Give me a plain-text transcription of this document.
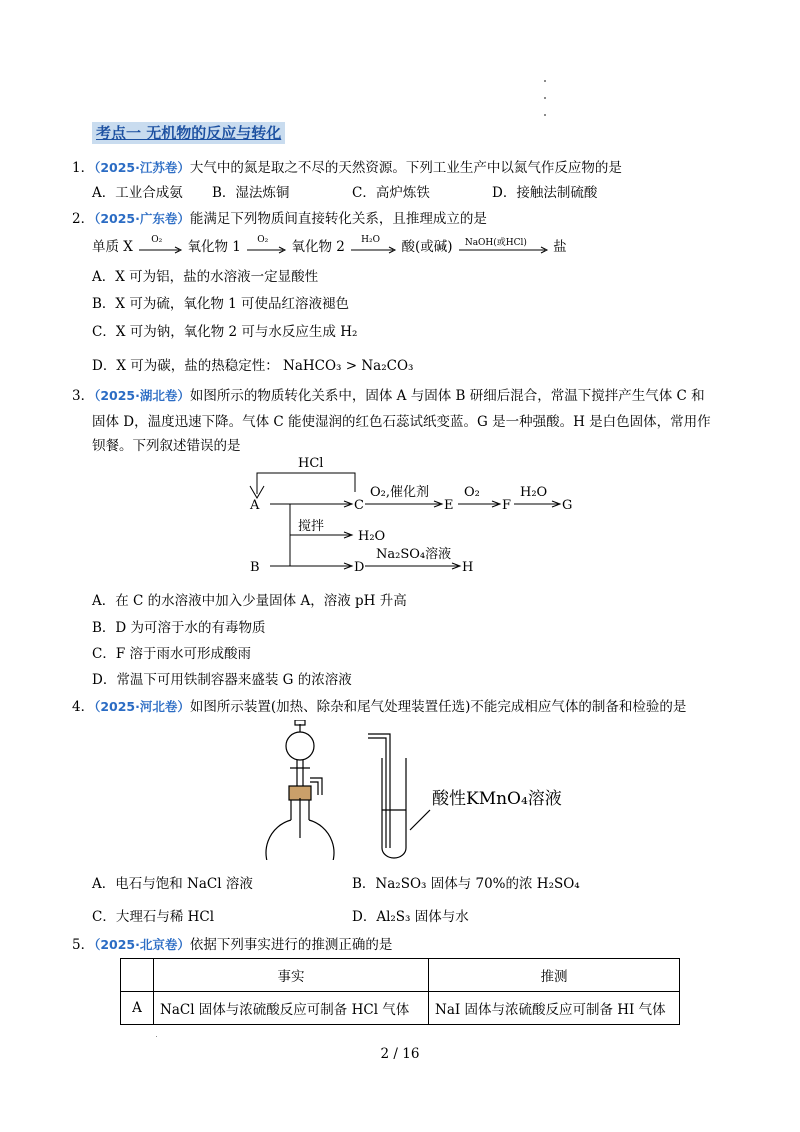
考点一 无机物的反应与转化
1．（2025·江苏卷）大气中的氮是取之不尽的天然资源。下列工业生产中以氮气作反应物的是
A．工业合成氨 B．湿法炼铜	C．高炉炼铁	D．接触法制硫酸
2．（2025·广东卷）能满足下列物质间直接转化关系，且推理成立的是
单质 X O₂ 氧化物 1 O₂ 氧化物 2 H₂O 酸(或碱) NaOH(或HCl) 盐
A．X 可为铝，盐的水溶液一定显酸性
B．X 可为硫，氧化物 1 可使品红溶液褪色
C．X 可为钠，氧化物 2 可与水反应生成 H₂
D．X 可为碳，盐的热稳定性： NaHCO₃ > Na₂CO₃
3．（2025·湖北卷）如图所示的物质转化关系中，固体 A 与固体 B 研细后混合，常温下搅拌产生气体 C 和
固体 D，温度迅速下降。气体 C 能使湿润的红色石蕊试纸变蓝。G 是一种强酸。H 是白色固体，常用作
钡餐。下列叙述错误的是
HCl
A
B
C
D
E	F	G
H
搅拌
H₂O
O₂,催化剂	O₂	H₂O
Na₂SO₄溶液
A．在 C 的水溶液中加入少量固体 A，溶液 pH 升高
B．D 为可溶于水的有毒物质
C．F 溶于雨水可形成酸雨
D．常温下可用铁制容器来盛装 G 的浓溶液
4．（2025·河北卷）如图所示装置(加热、除杂和尾气处理装置任选)不能完成相应气体的制备和检验的是
酸性KMnO₄溶液
A．电石与饱和 NaCl 溶液	B．Na₂SO₃ 固体与 70%的浓 H₂SO₄
C．大理石与稀 HCl	D．Al₂S₃ 固体与水
5．（2025·北京卷）依据下列事实进行的推测正确的是
	事实	推测
A	NaCl 固体与浓硫酸反应可制备 HCl 气体	NaI 固体与浓硫酸反应可制备 HI 气体
2 / 16
